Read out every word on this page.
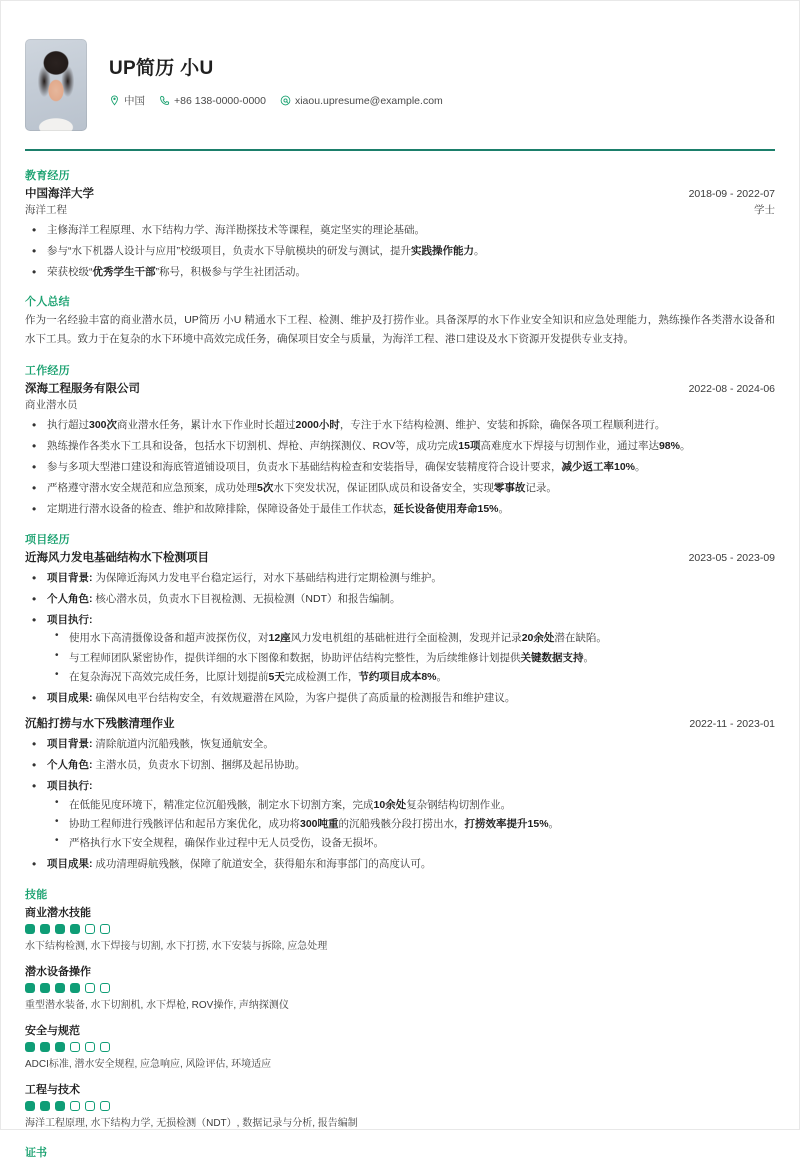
UP简历 小U
中国	+86 138-0000-0000	xiaou.upresume@example.com
教育经历
中国海洋大学	2018-09 - 2022-07
海洋工程	学士
• 主修海洋工程原理、水下结构力学、海洋勘探技术等课程，奠定坚实的理论基础。
• 参与“水下机器人设计与应用”校级项目，负责水下导航模块的研发与测试，提升实践操作能力。
• 荣获校级“优秀学生干部”称号，积极参与学生社团活动。
个人总结
作为一名经验丰富的商业潜水员，UP简历 小U 精通水下工程、检测、维护及打捞作业。具备深厚的水下作业安全知识和应急处理能力，熟练操作各类潜水设备和水下工具。致力于在复杂的水下环境中高效完成任务，确保项目安全与质量，为海洋工程、港口建设及水下资源开发提供专业支持。
工作经历
深海工程服务有限公司	2022-08 - 2024-06
商业潜水员
• 执行超过300次商业潜水任务，累计水下作业时长超过2000小时，专注于水下结构检测、维护、安装和拆除，确保各项工程顺利进行。
• 熟练操作各类水下工具和设备，包括水下切割机、焊枪、声纳探测仪、ROV等，成功完成15项高难度水下焊接与切割作业，通过率达98%。
• 参与多项大型港口建设和海底管道铺设项目，负责水下基础结构检查和安装指导，确保安装精度符合设计要求，减少返工率10%。
• 严格遵守潜水安全规范和应急预案，成功处理5次水下突发状况，保证团队成员和设备安全，实现零事故记录。
• 定期进行潜水设备的检查、维护和故障排除，保障设备处于最佳工作状态，延长设备使用寿命15%。
项目经历
近海风力发电基础结构水下检测项目	2023-05 - 2023-09
• 项目背景: 为保障近海风力发电平台稳定运行，对水下基础结构进行定期检测与维护。
• 个人角色: 核心潜水员，负责水下目视检测、无损检测（NDT）和报告编制。
• 项目执行:
• 使用水下高清摄像设备和超声波探伤仪，对12座风力发电机组的基础桩进行全面检测，发现并记录20余处潜在缺陷。
• 与工程师团队紧密协作，提供详细的水下图像和数据，协助评估结构完整性，为后续维修计划提供关键数据支持。
• 在复杂海况下高效完成任务，比原计划提前5天完成检测工作，节约项目成本8%。
• 项目成果: 确保风电平台结构安全，有效规避潜在风险，为客户提供了高质量的检测报告和维护建议。
沉船打捞与水下残骸清理作业	2022-11 - 2023-01
• 项目背景: 清除航道内沉船残骸，恢复通航安全。
• 个人角色: 主潜水员，负责水下切割、捆绑及起吊协助。
• 项目执行:
• 在低能见度环境下，精准定位沉船残骸，制定水下切割方案，完成10余处复杂钢结构切割作业。
• 协助工程师进行残骸评估和起吊方案优化，成功将300吨重的沉船残骸分段打捞出水，打捞效率提升15%。
• 严格执行水下安全规程，确保作业过程中无人员受伤，设备无损坏。
• 项目成果: 成功清理碍航残骸，保障了航道安全，获得船东和海事部门的高度认可。
技能
商业潜水技能
水下结构检测, 水下焊接与切割, 水下打捞, 水下安装与拆除, 应急处理
潜水设备操作
重型潜水装备, 水下切割机, 水下焊枪, ROV操作, 声纳探测仪
安全与规范
ADCI标准, 潜水安全规程, 应急响应, 风险评估, 环境适应
工程与技术
海洋工程原理, 水下结构力学, 无损检测（NDT）, 数据记录与分析, 报告编制
证书
